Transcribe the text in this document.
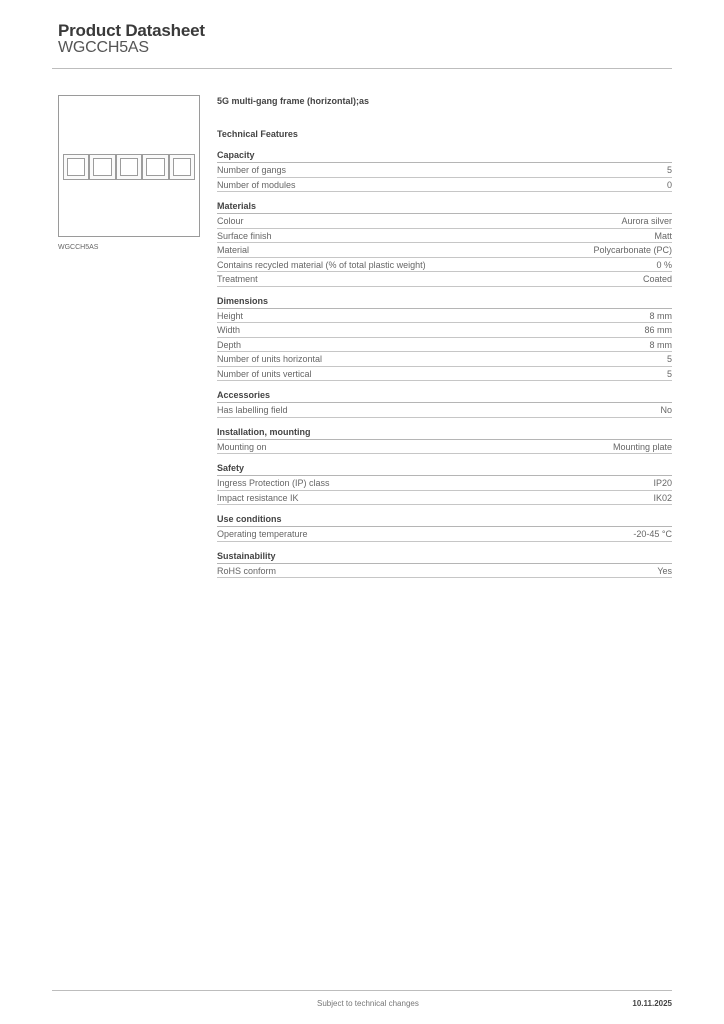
Product Datasheet
WGCCH5AS
WGCCH5AS
5G multi-gang frame (horizontal);as
Technical Features
Capacity
Number of gangs	5
Number of modules	0
Materials
Colour	Aurora silver
Surface finish	Matt
Material	Polycarbonate (PC)
Contains recycled material (% of total plastic weight)	0 %
Treatment	Coated
Dimensions
Height	8 mm
Width	86 mm
Depth	8 mm
Number of units horizontal	5
Number of units vertical	5
Accessories
Has labelling field	No
Installation, mounting
Mounting on	Mounting plate
Safety
Ingress Protection (IP) class	IP20
Impact resistance IK	IK02
Use conditions
Operating temperature	-20-45 °C
Sustainability
RoHS conform	Yes
Subject to technical changes	10.11.2025
